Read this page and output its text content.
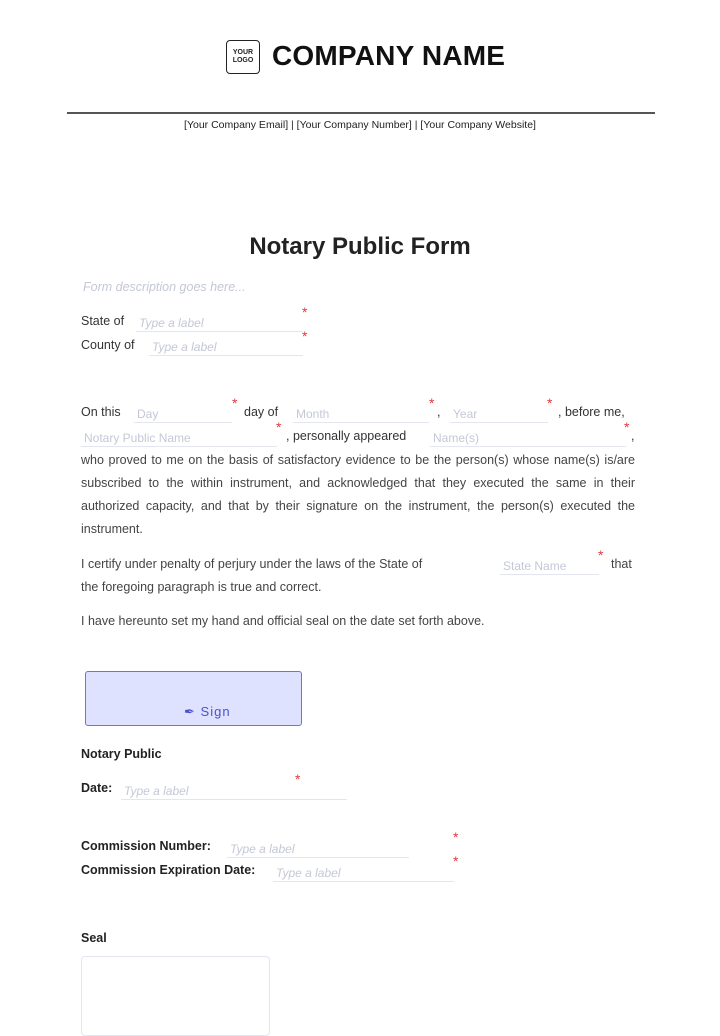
YOUR
LOGO COMPANY NAME
[Your Company Email] | [Your Company Number] | [Your Company Website]
Notary Public Form
Form description goes here...
State of Type a label
*
County of Type a label
*
On this Day
*
day of Month
*
, Year
*
, before me,
Notary Public Name
*
, personally appeared Name(s)
*
,
who proved to me on the basis of satisfactory evidence to be the person(s) whose name(s) is/are subscribed to the within instrument, and acknowledged that they executed the same in their authorized capacity, and that by their signature on the instrument, the person(s) executed the instrument.
I certify under penalty of perjury under the laws of the State of	State Name
*
that
the foregoing paragraph is true and correct.
I have hereunto set my hand and official seal on the date set forth above.
✒ Sign
Notary Public
Date: Type a label
*
Commission Number: Type a label
*
Commission Expiration Date: Type a label
*
Seal
